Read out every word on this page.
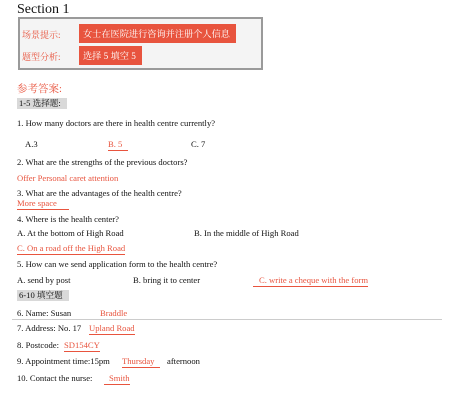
Section 1
场景提示:	女士在医院进行咨询并注册个人信息
题型分析:	选择 5 填空 5
参考答案:
1-5 选择题:
1. How many doctors are there in health centre currently?
A.3	B. 5	C. 7
2. What are the strengths of the previous doctors?
Offer Personal caret attention
3. What are the advantages of the health centre?
More space
4. Where is the health center?
A. At the bottom of High Road	B. In the middle of High Road
C. On a road off the High Road
5. How can we send application form to the health centre?
A. send by post	B. bring it to center	C. write a cheque with the form
6-10 填空题
6. Name: Susan	Braddle
7. Address: No. 17 Upland Road
8. Postcode: SD154CY
9. Appointment time:15pm Thursday	afternoon
10. Contact the nurse:	Smith
